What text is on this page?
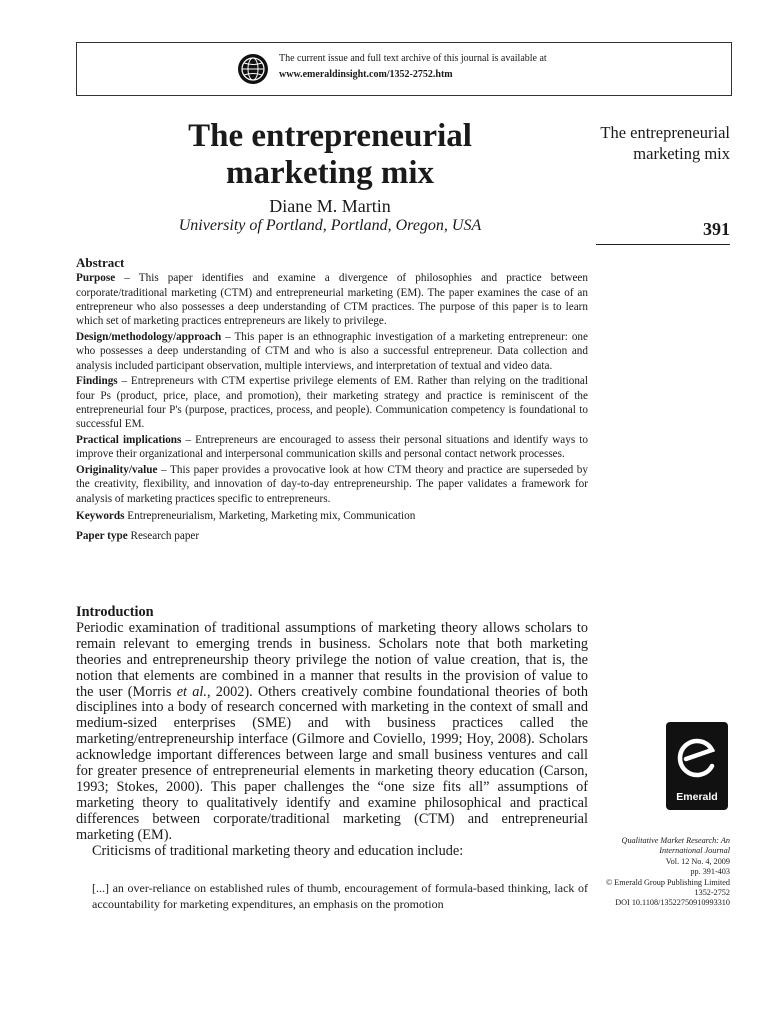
The current issue and full text archive of this journal is available at
www.emeraldinsight.com/1352-2752.htm
The entrepreneurial marketing mix
Diane M. Martin
University of Portland, Portland, Oregon, USA
The entrepreneurial marketing mix
391
Abstract

Purpose – This paper identifies and examine a divergence of philosophies and practice between corporate/traditional marketing (CTM) and entrepreneurial marketing (EM). The paper examines the case of an entrepreneur who also possesses a deep understanding of CTM practices. The purpose of this paper is to learn which set of marketing practices entrepreneurs are likely to privilege.

Design/methodology/approach – This paper is an ethnographic investigation of a marketing entrepreneur: one who possesses a deep understanding of CTM and who is also a successful entrepreneur. Data collection and analysis included participant observation, multiple interviews, and interpretation of textual and video data.

Findings – Entrepreneurs with CTM expertise privilege elements of EM. Rather than relying on the traditional four Ps (product, price, place, and promotion), their marketing strategy and practice is reminiscent of the entrepreneurial four P's (purpose, practices, process, and people). Communication competency is foundational to successful EM.

Practical implications – Entrepreneurs are encouraged to assess their personal situations and identify ways to improve their organizational and interpersonal communication skills and personal contact network processes.

Originality/value – This paper provides a provocative look at how CTM theory and practice are superseded by the creativity, flexibility, and innovation of day-to-day entrepreneurship. The paper validates a framework for analysis of marketing practices specific to entrepreneurs.

Keywords Entrepreneurialism, Marketing, Marketing mix, Communication

Paper type Research paper

Introduction

Periodic examination of traditional assumptions of marketing theory allows scholars to remain relevant to emerging trends in business. Scholars note that both marketing theories and entrepreneurship theory privilege the notion of value creation, that is, the notion that elements are combined in a manner that results in the provision of value to the user (Morris et al., 2002). Others creatively combine foundational theories of both disciplines into a body of research concerned with marketing in the context of small and medium-sized enterprises (SME) and with business practices called the marketing/entrepreneurship interface (Gilmore and Coviello, 1999; Hoy, 2008). Scholars acknowledge important differences between large and small business ventures and call for greater presence of entrepreneurial elements in marketing theory education (Carson, 1993; Stokes, 2000). This paper challenges the “one size fits all” assumptions of marketing theory to qualitatively identify and examine philosophical and practical differences between corporate/traditional marketing (CTM) and entrepreneurial marketing (EM).

Criticisms of traditional marketing theory and education include:

[...] an over-reliance on established rules of thumb, encouragement of formula-based thinking, lack of accountability for marketing expenditures, an emphasis on the promotion
Emerald
Qualitative Market Research: An
International Journal
Vol. 12 No. 4, 2009
pp. 391-403
© Emerald Group Publishing Limited
1352-2752
DOI 10.1108/13522750910993310
